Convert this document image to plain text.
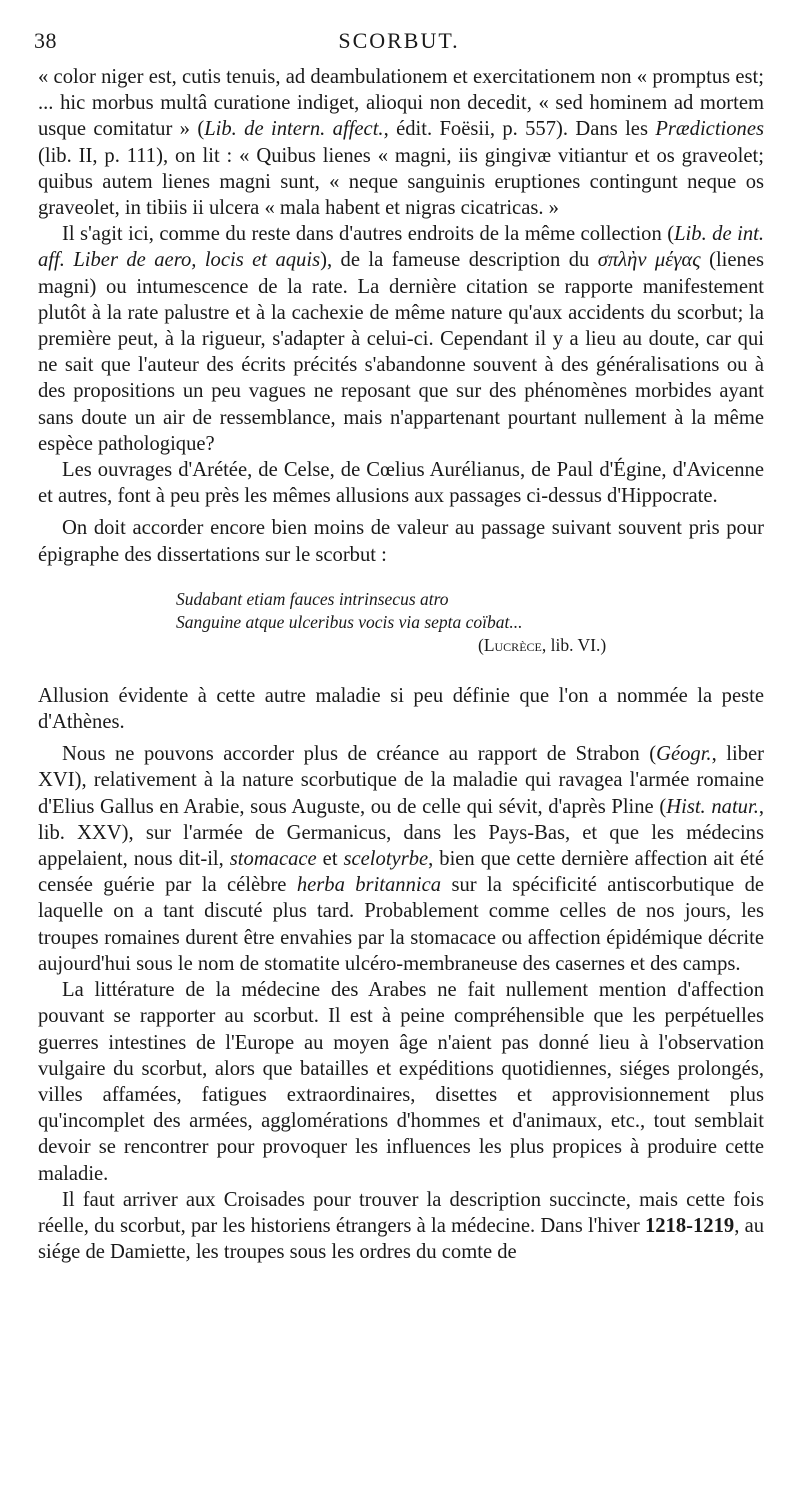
38	SCORBUT.

« color niger est, cutis tenuis, ad deambulationem et exercitationem non « promptus est; ... hic morbus multâ curatione indiget, alioqui non decedit, « sed hominem ad mortem usque comitatur » (Lib. de intern. affect., édit. Foësii, p. 557). Dans les Prædictiones (lib. II, p. 111), on lit : « Quibus lienes « magni, iis gingivæ vitiantur et os graveolet; quibus autem lienes magni sunt, « neque sanguinis eruptiones contingunt neque os graveolet, in tibiis ii ulcera « mala habent et nigras cicatricas. »

Il s'agit ici, comme du reste dans d'autres endroits de la même collection (Lib. de int. aff. Liber de aero, locis et aquis), de la fameuse description du σπλὴν μέγας (lienes magni) ou intumescence de la rate. La dernière citation se rapporte manifestement plutôt à la rate palustre et à la cachexie de même nature qu'aux accidents du scorbut; la première peut, à la rigueur, s'adapter à celui-ci. Cependant il y a lieu au doute, car qui ne sait que l'auteur des écrits précités s'abandonne souvent à des généralisations ou à des propositions un peu vagues ne reposant que sur des phénomènes morbides ayant sans doute un air de ressemblance, mais n'appartenant pourtant nullement à la même espèce pathologique?

Les ouvrages d'Arétée, de Celse, de Cœlius Aurélianus, de Paul d'Égine, d'Avicenne et autres, font à peu près les mêmes allusions aux passages ci-dessus d'Hippocrate.

On doit accorder encore bien moins de valeur au passage suivant souvent pris pour épigraphe des dissertations sur le scorbut :

Sudabant etiam fauces intrinsecus atro
Sanguine atque ulceribus vocis via septa coïbat...
(Lucrèce, lib. VI.)

Allusion évidente à cette autre maladie si peu définie que l'on a nommée la peste d'Athènes.

Nous ne pouvons accorder plus de créance au rapport de Strabon (Géogr., liber XVI), relativement à la nature scorbutique de la maladie qui ravagea l'armée romaine d'Elius Gallus en Arabie, sous Auguste, ou de celle qui sévit, d'après Pline (Hist. natur., lib. XXV), sur l'armée de Germanicus, dans les Pays-Bas, et que les médecins appelaient, nous dit-il, stomacace et scelotyrbe, bien que cette dernière affection ait été censée guérie par la célèbre herba britannica sur la spécificité antiscorbutique de laquelle on a tant discuté plus tard. Probablement comme celles de nos jours, les troupes romaines durent être envahies par la stomacace ou affection épidémique décrite aujourd'hui sous le nom de stomatite ulcéro-membraneuse des casernes et des camps.

La littérature de la médecine des Arabes ne fait nullement mention d'affection pouvant se rapporter au scorbut. Il est à peine compréhensible que les perpétuelles guerres intestines de l'Europe au moyen âge n'aient pas donné lieu à l'observation vulgaire du scorbut, alors que batailles et expéditions quotidiennes, siéges prolongés, villes affamées, fatigues extraordinaires, disettes et approvisionnement plus qu'incomplet des armées, agglomérations d'hommes et d'animaux, etc., tout semblait devoir se rencontrer pour provoquer les influences les plus propices à produire cette maladie.

Il faut arriver aux Croisades pour trouver la description succincte, mais cette fois réelle, du scorbut, par les historiens étrangers à la médecine. Dans l'hiver 1218-1219, au siége de Damiette, les troupes sous les ordres du comte de
